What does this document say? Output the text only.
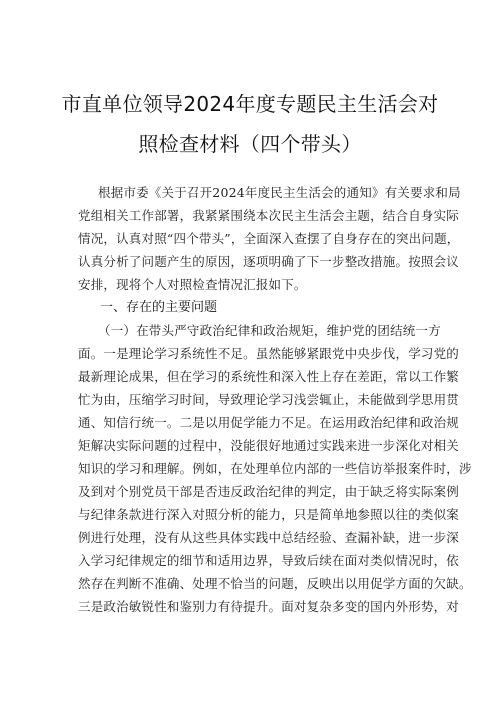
市直单位领导2024年度专题民主生活会对
照检查材料（四个带头）
根据市委《关于召开2024年度民主生活会的通知》有关要求和局
党组相关工作部署，我紧紧围绕本次民主生活会主题，结合自身实际
情况，认真对照“四个带头”，全面深入查摆了自身存在的突出问题，
认真分析了问题产生的原因，逐项明确了下一步整改措施。按照会议
安排，现将个人对照检查情况汇报如下。
一、存在的主要问题
（一）在带头严守政治纪律和政治规矩，维护党的团结统一方
面。一是理论学习系统性不足。虽然能够紧跟党中央步伐，学习党的
最新理论成果，但在学习的系统性和深入性上存在差距，常以工作繁
忙为由，压缩学习时间，导致理论学习浅尝辄止，未能做到学思用贯
通、知信行统一。二是以用促学能力不足。在运用政治纪律和政治规
矩解决实际问题的过程中，没能很好地通过实践来进一步深化对相关
知识的学习和理解。例如，在处理单位内部的一些信访举报案件时，涉
及到对个别党员干部是否违反政治纪律的判定，由于缺乏将实际案例
与纪律条款进行深入对照分析的能力，只是简单地参照以往的类似案
例进行处理，没有从这些具体实践中总结经验、查漏补缺，进一步深
入学习纪律规定的细节和适用边界，导致后续在面对类似情况时，依
然存在判断不准确、处理不恰当的问题，反映出以用促学方面的欠缺。
三是政治敏锐性和鉴别力有待提升。面对复杂多变的国内外形势，对
